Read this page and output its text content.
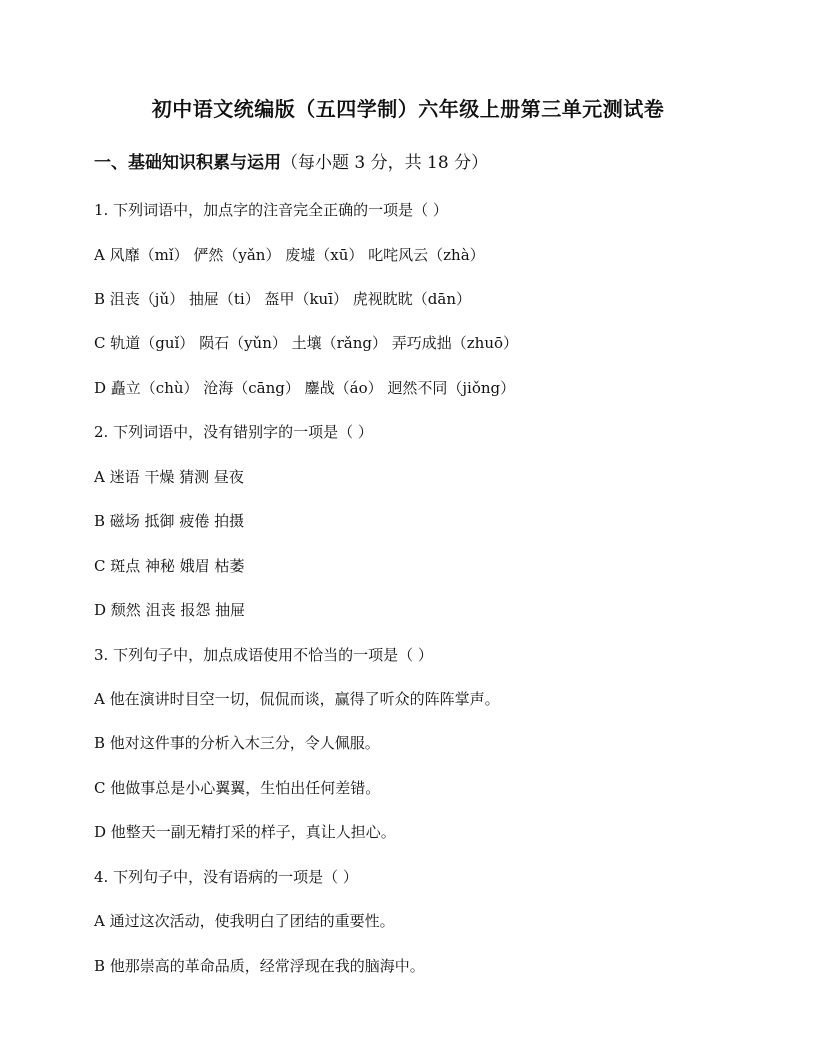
初中语文统编版（五四学制）六年级上册第三单元测试卷
一、基础知识积累与运用（每小题 3 分，共 18 分）
1. 下列词语中，加点字的注音完全正确的一项是（ ）
A 风靡（mǐ） 俨然（yǎn） 废墟（xū） 叱咤风云（zhà）
B 沮丧（jǔ） 抽屉（ti） 盔甲（kuī） 虎视眈眈（dān）
C 轨道（guǐ） 陨石（yǔn） 土壤（rǎng） 弄巧成拙（zhuō）
D 矗立（chù） 沧海（cāng） 鏖战（áo） 迥然不同（jiǒng）
2. 下列词语中，没有错别字的一项是（ ）
A 迷语 干燥 猜测 昼夜
B 磁场 抵御 疲倦 拍摄
C 斑点 神秘 娥眉 枯萎
D 颓然 沮丧 报怨 抽屉
3. 下列句子中，加点成语使用不恰当的一项是（ ）
A 他在演讲时目空一切，侃侃而谈，赢得了听众的阵阵掌声。
B 他对这件事的分析入木三分，令人佩服。
C 他做事总是小心翼翼，生怕出任何差错。
D 他整天一副无精打采的样子，真让人担心。
4. 下列句子中，没有语病的一项是（ ）
A 通过这次活动，使我明白了团结的重要性。
B 他那崇高的革命品质，经常浮现在我的脑海中。
